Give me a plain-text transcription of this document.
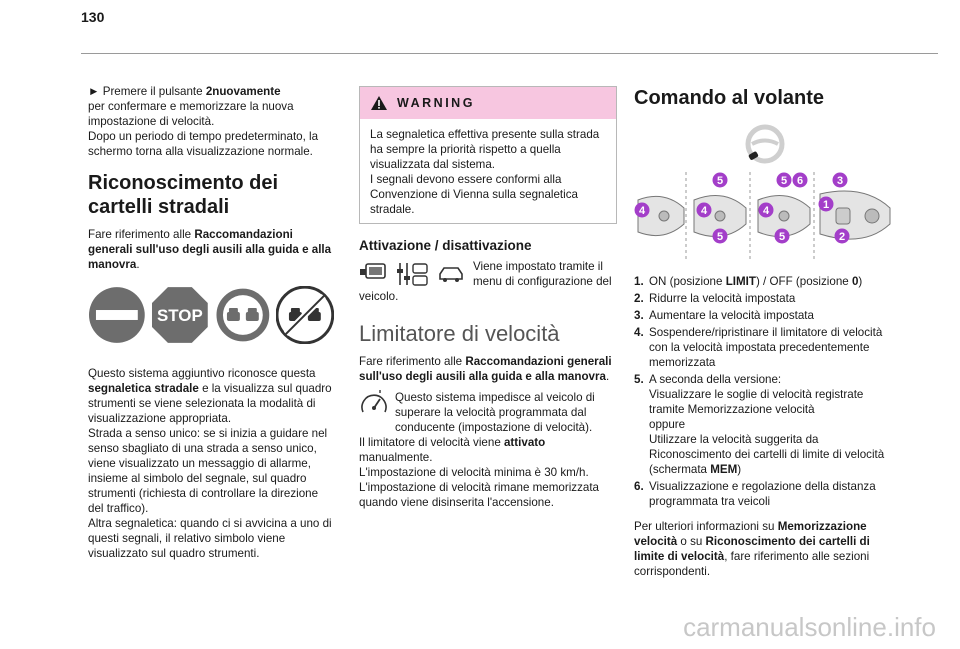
130

► Premere il pulsante 2nuovamente
per confermare e memorizzare la nuova impostazione di velocità.
Dopo un periodo di tempo predeterminato, la schermo torna alla visualizzazione normale.

Riconoscimento dei cartelli stradali

Fare riferimento alle Raccomandazioni generali sull'uso degli ausili alla guida e alla manovra.

STOP

Questo sistema aggiuntivo riconosce questa segnaletica stradale e la visualizza sul quadro strumenti se viene selezionata la modalità di visualizzazione appropriata.
Strada a senso unico: se si inizia a guidare nel senso sbagliato di una strada a senso unico, viene visualizzato un messaggio di allarme, insieme al simbolo del segnale, sul quadro strumenti (richiesta di controllare la direzione del traffico).
Altra segnaletica: quando ci si avvicina a uno di questi segnali, il relativo simbolo viene visualizzato sul quadro strumenti.

WARNING
La segnaletica effettiva presente sulla strada ha sempre la priorità rispetto a quella visualizzata dal sistema.
I segnali devono essere conformi alla Convenzione di Vienna sulla segnaletica stradale.
Attivazione / disattivazione
Viene impostato tramite il menu di configurazione del veicolo.
Limitatore di velocità

Fare riferimento alle Raccomandazioni generali sull'uso degli ausili alla guida e alla manovra.

Questo sistema impedisce al veicolo di superare la velocità programmata dal conducente (impostazione di velocità).
Il limitatore di velocità viene attivato manualmente.
L'impostazione di velocità minima è 30 km/h.
L'impostazione di velocità rimane memorizzata quando viene disinserita l'accensione.
Comando al volante
1
2
3
4	4	4
5
5	5
5 6
1. ON (posizione LIMIT) / OFF (posizione 0)
2. Ridurre la velocità impostata
3. Aumentare la velocità impostata
4. Sospendere/ripristinare il limitatore di velocità con la velocità impostata precedentemente memorizzata
5. A seconda della versione:
Visualizzare le soglie di velocità registrate tramite Memorizzazione velocità
oppure
Utilizzare la velocità suggerita da Riconoscimento dei cartelli di limite di velocità (schermata MEM)
6. Visualizzazione e regolazione della distanza programmata tra veicoli

Per ulteriori informazioni su Memorizzazione velocità o su Riconoscimento dei cartelli di limite di velocità, fare riferimento alle sezioni corrispondenti.

carmanualsonline.info
